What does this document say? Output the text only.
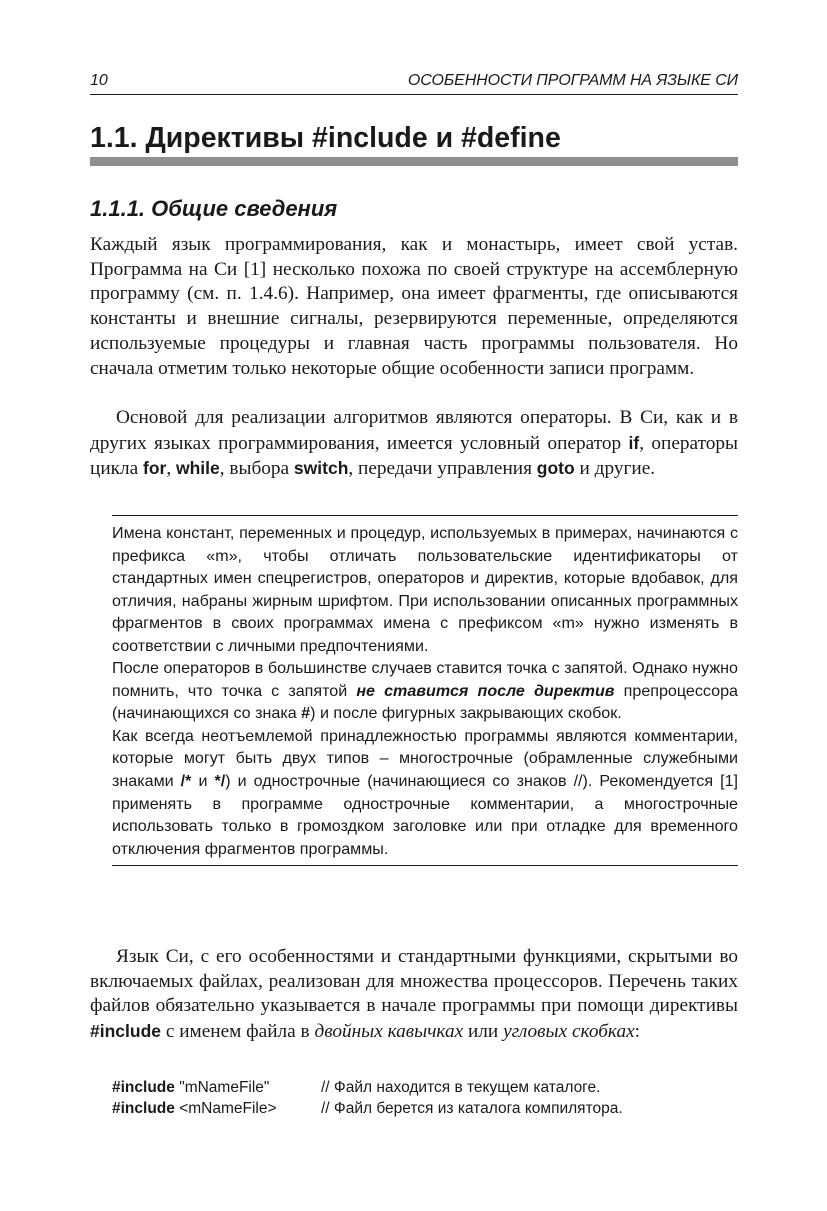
10	ОСОБЕННОСТИ ПРОГРАММ НА ЯЗЫКЕ СИ
1.1. Директивы #include и #define
1.1.1. Общие сведения

Каждый язык программирования, как и монастырь, имеет свой устав. Программа на Си [1] несколько похожа по своей структуре на ассемблерную программу (см. п. 1.4.6). Например, она имеет фрагменты, где описываются константы и внешние сигналы, резервируются переменные, определяются используемые процедуры и главная часть программы пользователя. Но сначала отметим только некоторые общие особенности записи программ.

Основой для реализации алгоритмов являются операторы. В Си, как и в других языках программирования, имеется условный оператор if, операторы цикла for, while, выбора switch, передачи управления goto и другие.

Имена констант, переменных и процедур, используемых в примерах, начинаются с префикса «m», чтобы отличать пользовательские идентификаторы от стандартных имен спецрегистров, операторов и директив, которые вдобавок, для отличия, набраны жирным шрифтом. При использовании описанных программных фрагментов в своих программах имена с префиксом «m» нужно изменять в соответствии с личными предпочтениями.

После операторов в большинстве случаев ставится точка с запятой. Однако нужно помнить, что точка с запятой не ставится после директив препроцессора (начинающихся со знака #) и после фигурных закрывающих скобок.

Как всегда неотъемлемой принадлежностью программы являются комментарии, которые могут быть двух типов – многострочные (обрамленные служебными знаками /* и */) и однострочные (начинающиеся со знаков //). Рекомендуется [1] применять в программе однострочные комментарии, а многострочные использовать только в громоздком заголовке или при отладке для временного отключения фрагментов программы.

Язык Си, с его особенностями и стандартными функциями, скрытыми во включаемых файлах, реализован для множества процессоров. Перечень таких файлов обязательно указывается в начале программы при помощи директивы #include с именем файла в двойных кавычках или угловых скобках:

#include "mNameFile"	// Файл находится в текущем каталоге.
#include <mNameFile>	// Файл берется из каталога компилятора.
